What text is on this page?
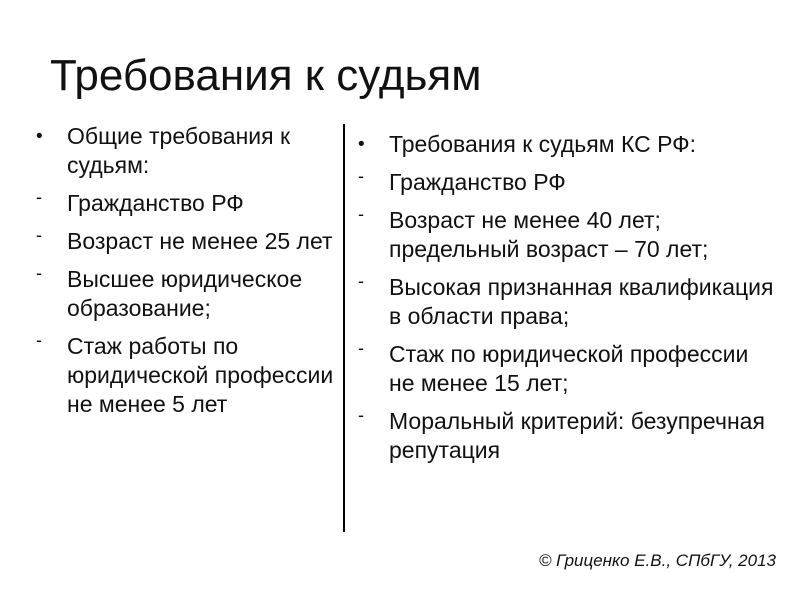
Требования к судьям
•	Общие требования к судьям:
-	Гражданство РФ
-	Возраст не менее 25 лет
-	Высшее юридическое образование;
-	Стаж работы по юридической профессии не менее 5 лет
•	Требования к судьям КС РФ:
-	Гражданство РФ
-	Возраст не менее 40 лет; предельный возраст – 70 лет;
-	Высокая признанная квалификация в области права;
-	Стаж по юридической профессии не менее 15 лет;
-	Моральный критерий: безупречная репутация
© Гриценко Е.В., СПбГУ, 2013
